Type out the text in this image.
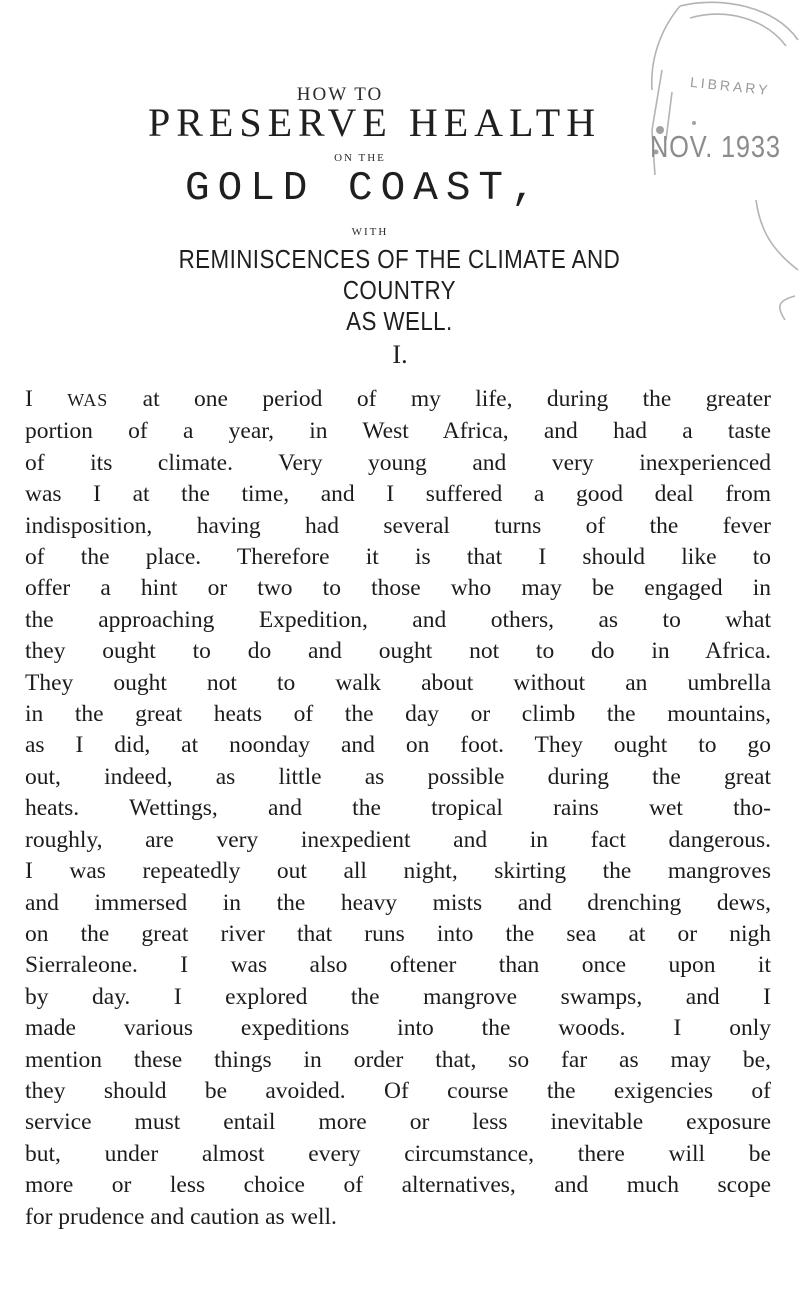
LIBRARY
NOV. 1933
HOW TO
PRESERVE HEALTH
ON THE
GOLD COAST,
WITH
REMINISCENCES OF THE CLIMATE AND COUNTRY
AS WELL.
I.
I WAS at one period of my life, during the greater
portion of a year, in West Africa, and had a taste
of its climate. Very young and very inexperienced
was I at the time, and I suffered a good deal from
indisposition, having had several turns of the fever
of the place. Therefore it is that I should like to
offer a hint or two to those who may be engaged in
the approaching Expedition, and others, as to what
they ought to do and ought not to do in Africa.
They ought not to walk about without an umbrella
in the great heats of the day or climb the mountains,
as I did, at noonday and on foot. They ought to go
out, indeed, as little as possible during the great
heats. Wettings, and the tropical rains wet tho-
roughly, are very inexpedient and in fact dangerous.
I was repeatedly out all night, skirting the mangroves
and immersed in the heavy mists and drenching dews,
on the great river that runs into the sea at or nigh
Sierraleone. I was also oftener than once upon it
by day. I explored the mangrove swamps, and I
made various expeditions into the woods. I only
mention these things in order that, so far as may be,
they should be avoided. Of course the exigencies of
service must entail more or less inevitable exposure
but, under almost every circumstance, there will be
more or less choice of alternatives, and much scope
for prudence and caution as well.
